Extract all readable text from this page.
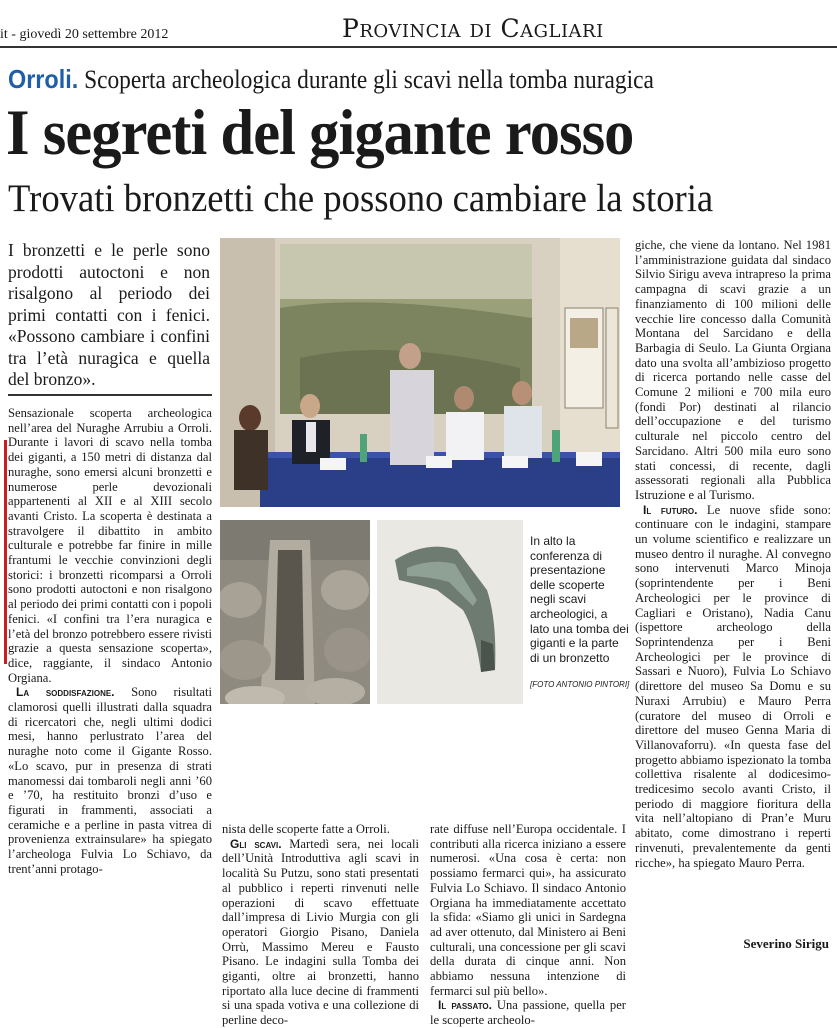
it - giovedì 20 settembre 2012	Provincia di Cagliari
Orroli. Scoperta archeologica durante gli scavi nella tomba nuragica
I segreti del gigante rosso
Trovati bronzetti che possono cambiare la storia
I bronzetti e le perle sono prodotti autoctoni e non risalgono al periodo dei primi contatti con i fenici. «Possono cambiare i confini tra l’età nuragica e quella del bronzo».

Sensazionale scoperta archeologica nell’area del Nuraghe Arrubiu a Orroli. Durante i lavori di scavo nella tomba dei giganti, a 150 metri di distanza dal nuraghe, sono emersi alcuni bronzetti e numerose perle devozionali appartenenti al XII e al XIII secolo avanti Cristo. La scoperta è destinata a stravolgere il dibattito in ambito culturale e potrebbe far finire in mille frantumi le vecchie convinzioni degli storici: i bronzetti ricomparsi a Orroli sono prodotti autoctoni e non risalgono al periodo dei primi contatti con i popoli fenici. «I confini tra l’era nuragica e l’età del bronzo potrebbero essere rivisti grazie a questa sensazione scoperta», dice, raggiante, il sindaco Antonio Orgiana.

La soddisfazione. Sono risultati clamorosi quelli illustrati dalla squadra di ricercatori che, negli ultimi dodici mesi, hanno perlustrato l’area del nuraghe noto come il Gigante Rosso. «Lo scavo, pur in presenza di strati manomessi dai tombaroli negli anni ’60 e ’70, ha restituito bronzi d’uso e figurati in frammenti, associati a ceramiche e a perline in pasta vitrea di provenienza extrainsulare» ha spiegato l’archeologa Fulvia Lo Schiavo, da trent’anni protago-

In alto la conferenza di presentazione delle scoperte negli scavi archeologici, a lato una tomba dei giganti e la parte di un bronzetto
[FOTO ANTONIO PINTORI]

nista delle scoperte fatte a Orroli.

Gli scavi. Martedì sera, nei locali dell’Unità Introduttiva agli scavi in località Su Putzu, sono stati presentati al pubblico i reperti rinvenuti nelle operazioni di scavo effettuate dall’impresa di Livio Murgia con gli operatori Giorgio Pisano, Daniela Orrù, Massimo Mereu e Fausto Pisano. Le indagini sulla Tomba dei giganti, oltre ai bronzetti, hanno riportato alla luce decine di frammenti si una spada votiva e una collezione di perline deco-

rate diffuse nell’Europa occidentale. I contributi alla ricerca iniziano a essere numerosi. «Una cosa è certa: non possiamo fermarci qui», ha assicurato Fulvia Lo Schiavo. Il sindaco Antonio Orgiana ha immediatamente accettato la sfida: «Siamo gli unici in Sardegna ad aver ottenuto, dal Ministero ai Beni culturali, una concessione per gli scavi della durata di cinque anni. Non abbiamo nessuna intenzione di fermarci sul più bello».

Il passato. Una passione, quella per le scoperte archeolo-

giche, che viene da lontano. Nel 1981 l’amministrazione guidata dal sindaco Silvio Sirigu aveva intrapreso la prima campagna di scavi grazie a un finanziamento di 100 milioni delle vecchie lire concesso dalla Comunità Montana del Sarcidano e della Barbagia di Seulo. La Giunta Orgiana dato una svolta all’ambizioso progetto di ricerca portando nelle casse del Comune 2 milioni e 700 mila euro (fondi Por) destinati al rilancio dell’occupazione e del turismo culturale nel piccolo centro del Sarcidano. Altri 500 mila euro sono stati concessi, di recente, dagli assessorati regionali alla Pubblica Istruzione e al Turismo.

Il futuro. Le nuove sfide sono: continuare con le indagini, stampare un volume scientifico e realizzare un museo dentro il nuraghe. Al convegno sono intervenuti Marco Minoja (soprintendente per i Beni Archeologici per le province di Cagliari e Oristano), Nadia Canu (ispettore archeologo della Soprintendenza per i Beni Archeologici per le province di Sassari e Nuoro), Fulvia Lo Schiavo (direttore del museo Sa Domu e su Nuraxi Arrubiu) e Mauro Perra (curatore del museo di Orroli e direttore del museo Genna Maria di Villanovaforru). «In questa fase del progetto abbiamo ispezionato la tomba collettiva risalente al dodicesimo-tredicesimo secolo avanti Cristo, il periodo di maggiore fioritura della vita nell’altopiano di Pran’e Muru abitato, come dimostrano i reperti rinvenuti, prevalentemente da genti ricche», ha spiegato Mauro Perra.

Severino Sirigu
